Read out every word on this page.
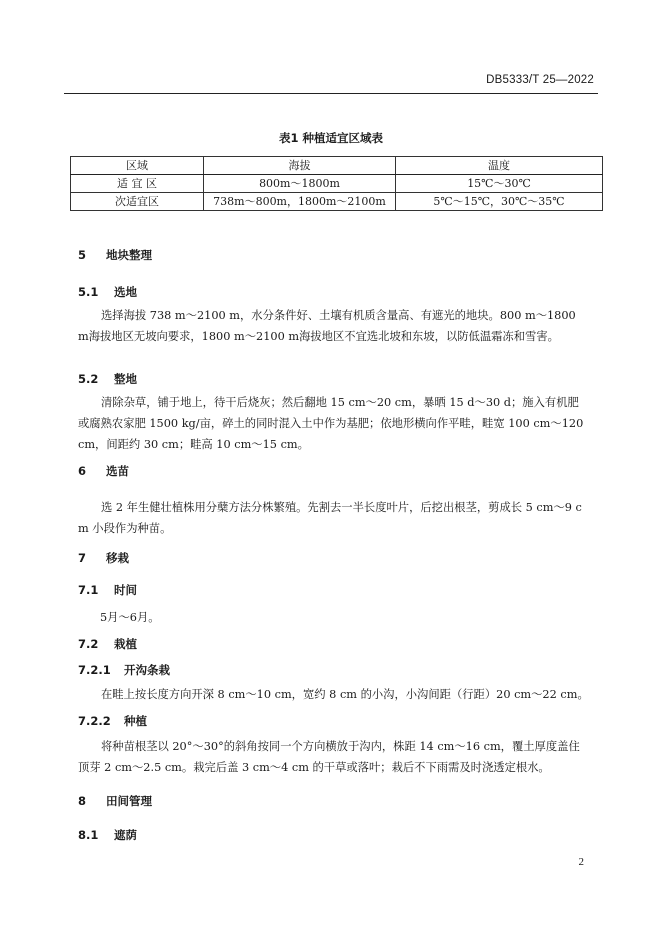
DB5333/T 25—2022
表1 种植适宜区域表
区域	海拔	温度
适 宜 区	800m～1800m	15℃～30℃
次适宜区	738m～800m，1800m～2100m	5℃～15℃，30℃～35℃
5 地块整理
5.1 选地
选择海拔 738 m～2100 m，水分条件好、土壤有机质含量高、有遮光的地块。800 m～1800 m海拔地区无坡向要求，1800 m～2100 m海拔地区不宜选北坡和东坡，以防低温霜冻和雪害。
5.2 整地
清除杂草，铺于地上，待干后烧灰；然后翻地 15 cm～20 cm，暴晒 15 d～30 d；施入有机肥或腐熟农家肥 1500 kg/亩，碎土的同时混入土中作为基肥；依地形横向作平畦，畦宽 100 cm～120 cm，间距约 30 cm；畦高 10 cm～15 cm。
6 选苗
选 2 年生健壮植株用分蘖方法分株繁殖。先割去一半长度叶片，后挖出根茎，剪成长 5 cm～9 cm 小段作为种苗。
7 移栽
7.1 时间
5月～6月。
7.2 栽植
7.2.1 开沟条栽
在畦上按长度方向开深 8 cm～10 cm，宽约 8 cm 的小沟，小沟间距（行距）20 cm～22 cm。
7.2.2 种植
将种苗根茎以 20°～30°的斜角按同一个方向横放于沟内，株距 14 cm～16 cm，覆土厚度盖住顶芽 2 cm～2.5 cm。栽完后盖 3 cm～4 cm 的干草或落叶；栽后不下雨需及时浇透定根水。
8 田间管理
8.1 遮荫
2
